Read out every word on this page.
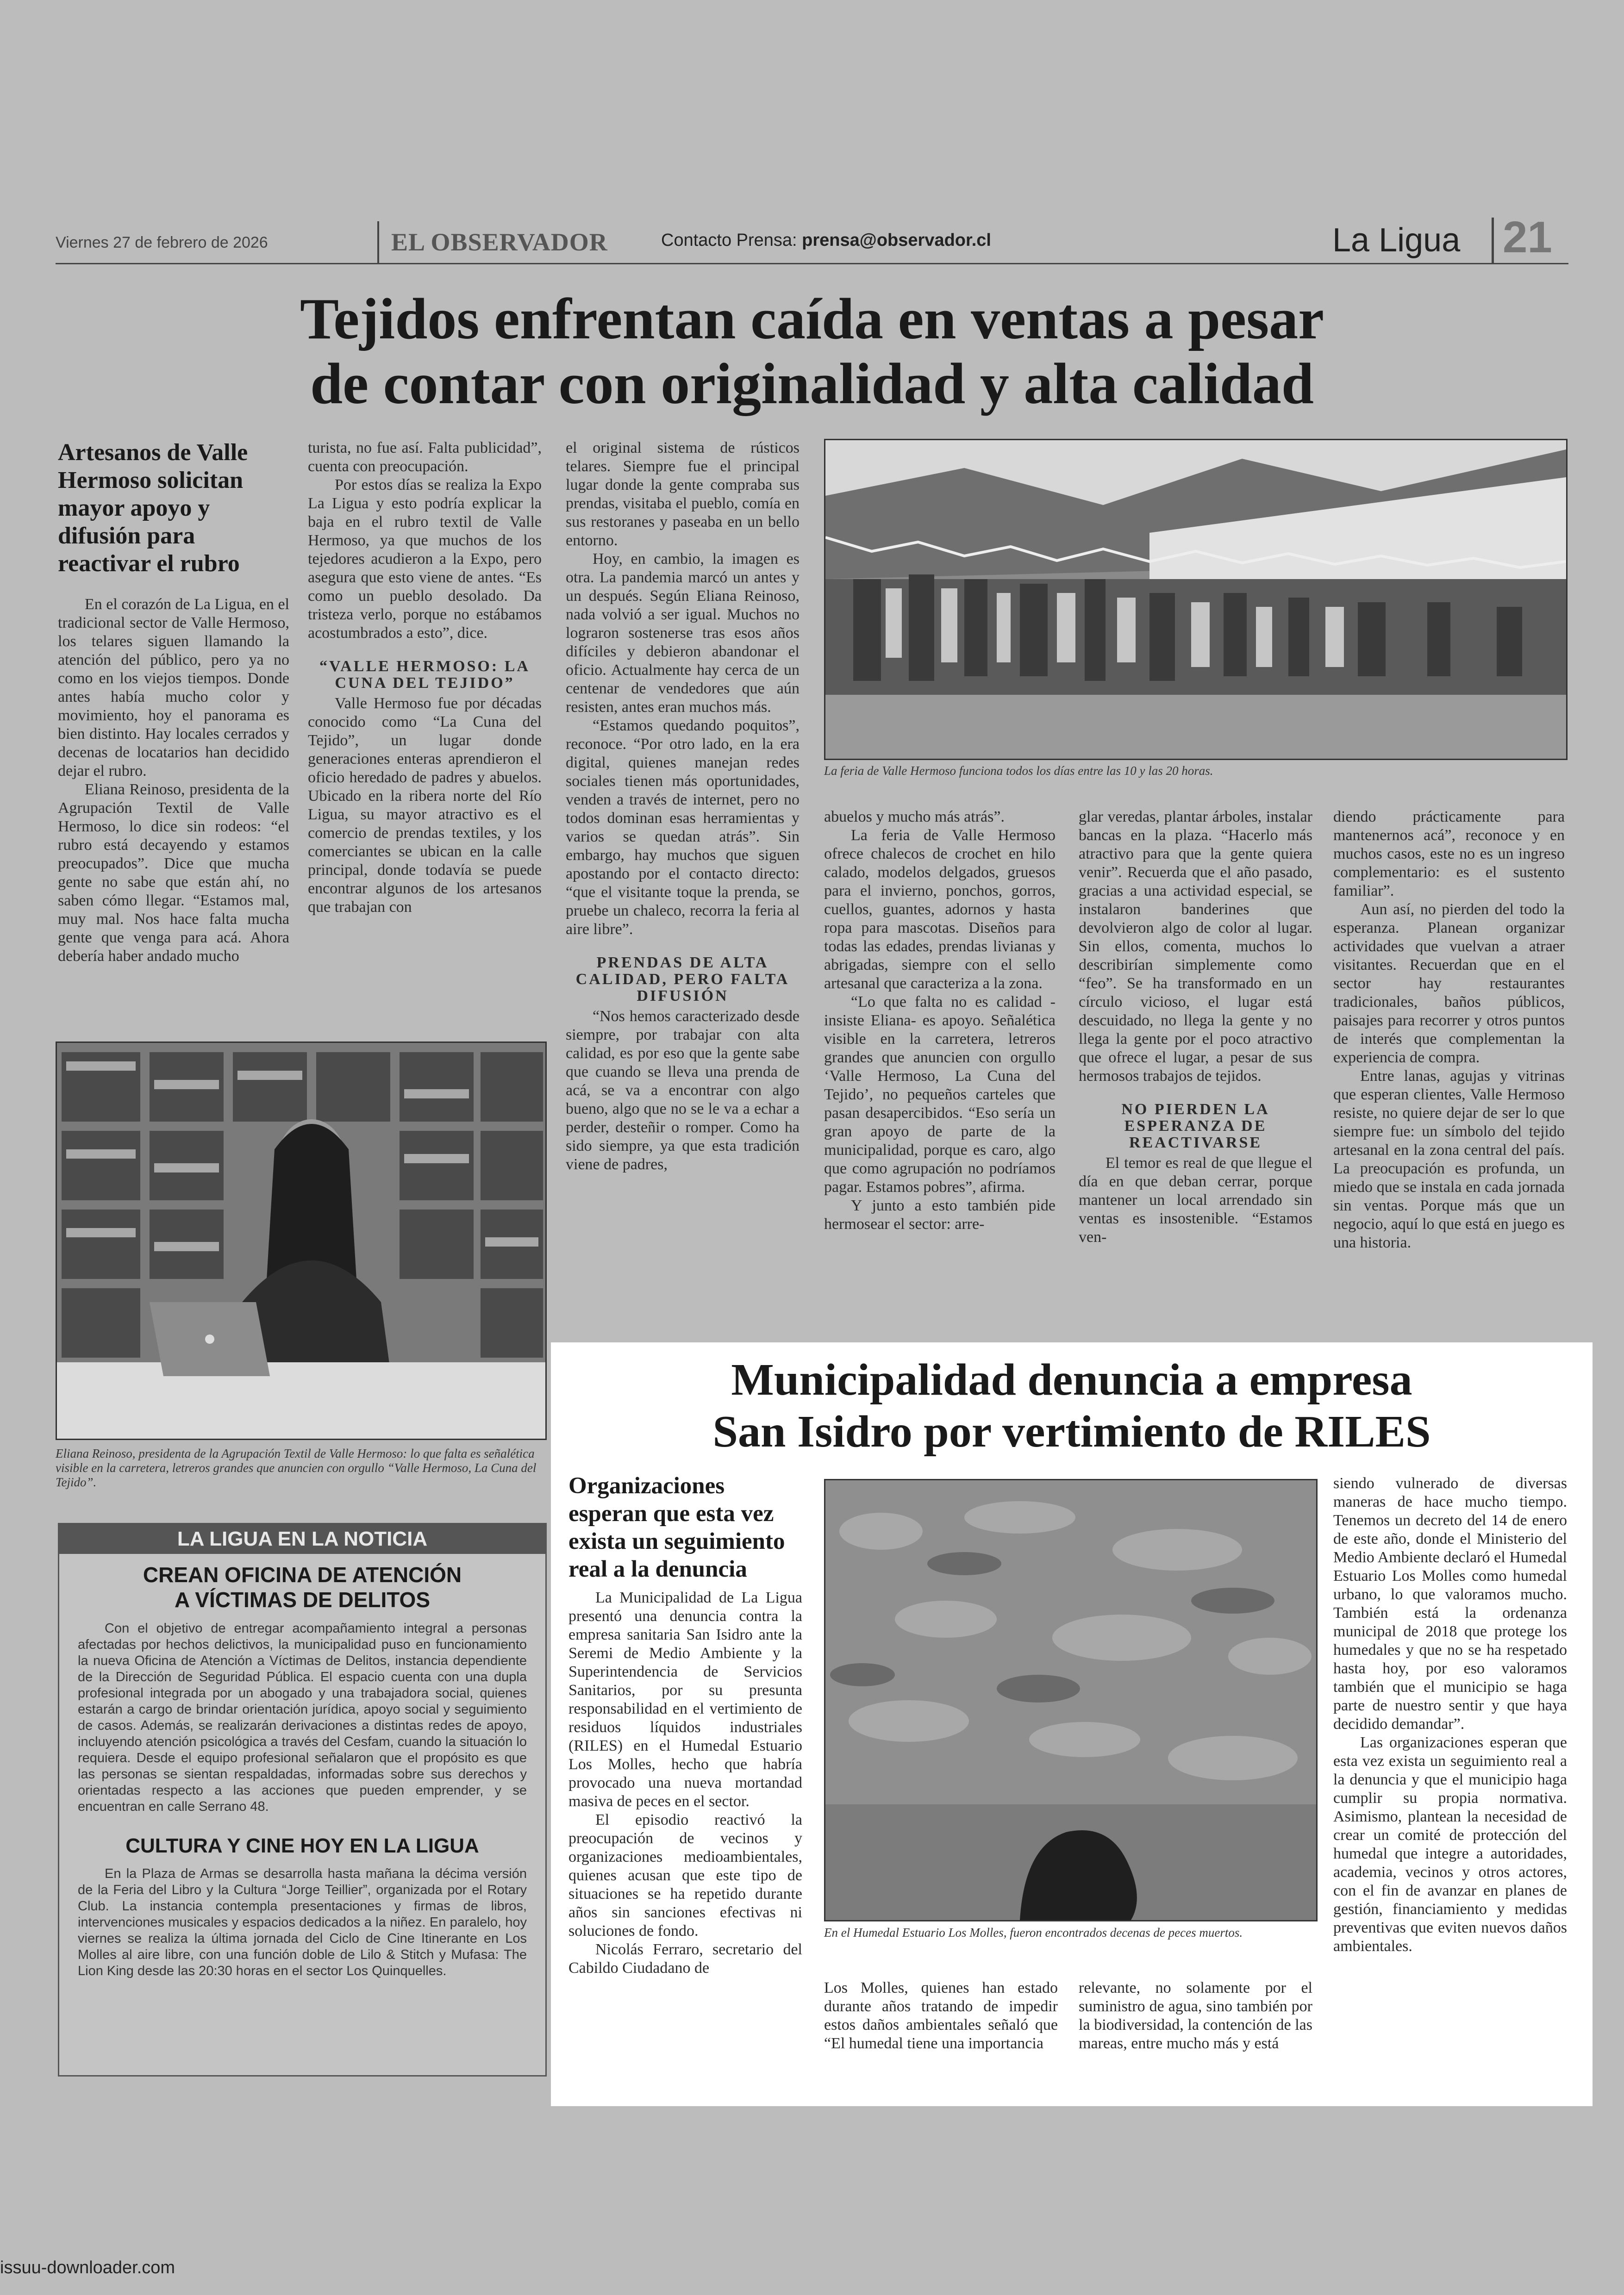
Viernes 27 de febrero de 2026	EL OBSERVADOR	Contacto Prensa: prensa@observador.cl	La Ligua 21
Tejidos enfrentan caída en ventas a pesar
de contar con originalidad y alta calidad
Artesanos de Valle Hermoso solicitan mayor apoyo y difusión para reactivar el rubro

En el corazón de La Ligua, en el tradicional sector de Valle Hermoso, los telares siguen llamando la atención del público, pero ya no como en los viejos tiempos. Donde antes había mucho color y movimiento, hoy el panorama es bien distinto. Hay locales cerrados y decenas de locatarios han decidido dejar el rubro.

Eliana Reinoso, presidenta de la Agrupación Textil de Valle Hermoso, lo dice sin rodeos: “el rubro está decayendo y estamos preocupados”. Dice que mucha gente no sabe que están ahí, no saben cómo llegar. “Estamos mal, muy mal. Nos hace falta mucha gente que venga para acá. Ahora debería haber andado mucho

turista, no fue así. Falta publicidad”, cuenta con preocupación.

Por estos días se realiza la Expo La Ligua y esto podría explicar la baja en el rubro textil de Valle Hermoso, ya que muchos de los tejedores acudieron a la Expo, pero asegura que esto viene de antes. “Es como un pueblo desolado. Da tristeza verlo, porque no estábamos acostumbrados a esto”, dice.

“VALLE HERMOSO: LA CUNA DEL TEJIDO”

Valle Hermoso fue por décadas conocido como “La Cuna del Tejido”, un lugar donde generaciones enteras aprendieron el oficio heredado de padres y abuelos. Ubicado en la ribera norte del Río Ligua, su mayor atractivo es el comercio de prendas textiles, y los comerciantes se ubican en la calle principal, donde todavía se puede encontrar algunos de los artesanos que trabajan con

el original sistema de rústicos telares. Siempre fue el principal lugar donde la gente compraba sus prendas, visitaba el pueblo, comía en sus restoranes y paseaba en un bello entorno.

Hoy, en cambio, la imagen es otra. La pandemia marcó un antes y un después. Según Eliana Reinoso, nada volvió a ser igual. Muchos no lograron sostenerse tras esos años difíciles y debieron abandonar el oficio. Actualmente hay cerca de un centenar de vendedores que aún resisten, antes eran muchos más.

“Estamos quedando poquitos”, reconoce. “Por otro lado, en la era digital, quienes manejan redes sociales tienen más oportunidades, venden a través de internet, pero no todos dominan esas herramientas y varios se quedan atrás”. Sin embargo, hay muchos que siguen apostando por el contacto directo: “que el visitante toque la prenda, se pruebe un chaleco, recorra la feria al aire libre”.

PRENDAS DE ALTA CALIDAD, PERO FALTA DIFUSIÓN

“Nos hemos caracterizado desde siempre, por trabajar con alta calidad, es por eso que la gente sabe que cuando se lleva una prenda de acá, se va a encontrar con algo bueno, algo que no se le va a echar a perder, desteñir o romper. Como ha sido siempre, ya que esta tradición viene de padres,

La feria de Valle Hermoso funciona todos los días entre las 10 y las 20 horas.

abuelos y mucho más atrás”.

La feria de Valle Hermoso ofrece chalecos de crochet en hilo calado, modelos delgados, gruesos para el invierno, ponchos, gorros, cuellos, guantes, adornos y hasta ropa para mascotas. Diseños para todas las edades, prendas livianas y abrigadas, siempre con el sello artesanal que caracteriza a la zona.

“Lo que falta no es calidad -insiste Eliana- es apoyo. Señalética visible en la carretera, letreros grandes que anuncien con orgullo ‘Valle Hermoso, La Cuna del Tejido’, no pequeños carteles que pasan desapercibidos. “Eso sería un gran apoyo de parte de la municipalidad, porque es caro, algo que como agrupación no podríamos pagar. Estamos pobres”, afirma.

Y junto a esto también pide hermosear el sector: arre-

glar veredas, plantar árboles, instalar bancas en la plaza. “Hacerlo más atractivo para que la gente quiera venir”. Recuerda que el año pasado, gracias a una actividad especial, se instalaron banderines que devolvieron algo de color al lugar. Sin ellos, comenta, muchos lo describirían simplemente como “feo”. Se ha transformado en un círculo vicioso, el lugar está descuidado, no llega la gente y no llega la gente por el poco atractivo que ofrece el lugar, a pesar de sus hermosos trabajos de tejidos.

NO PIERDEN LA ESPERANZA DE REACTIVARSE

El temor es real de que llegue el día en que deban cerrar, porque mantener un local arrendado sin ventas es insostenible. “Estamos ven-

diendo prácticamente para mantenernos acá”, reconoce y en muchos casos, este no es un ingreso complementario: es el sustento familiar”.

Aun así, no pierden del todo la esperanza. Planean organizar actividades que vuelvan a atraer visitantes. Recuerdan que en el sector hay restaurantes tradicionales, baños públicos, paisajes para recorrer y otros puntos de interés que complementan la experiencia de compra.

Entre lanas, agujas y vitrinas que esperan clientes, Valle Hermoso resiste, no quiere dejar de ser lo que siempre fue: un símbolo del tejido artesanal en la zona central del país. La preocupación es profunda, un miedo que se instala en cada jornada sin ventas. Porque más que un negocio, aquí lo que está en juego es una historia.

Eliana Reinoso, presidenta de la Agrupación Textil de Valle Hermoso: lo que falta es señalética visible en la carretera, letreros grandes que anuncien con orgullo “Valle Hermoso, La Cuna del Tejido”.
LA LIGUA EN LA NOTICIA
CREAN OFICINA DE ATENCIÓN
A VÍCTIMAS DE DELITOS
Con el objetivo de entregar acompañamiento integral a personas afectadas por hechos delictivos, la municipalidad puso en funcionamiento la nueva Oficina de Atención a Víctimas de Delitos, instancia dependiente de la Dirección de Seguridad Pública. El espacio cuenta con una dupla profesional integrada por un abogado y una trabajadora social, quienes estarán a cargo de brindar orientación jurídica, apoyo social y seguimiento de casos. Además, se realizarán derivaciones a distintas redes de apoyo, incluyendo atención psicológica a través del Cesfam, cuando la situación lo requiera. Desde el equipo profesional señalaron que el propósito es que las personas se sientan respaldadas, informadas sobre sus derechos y orientadas respecto a las acciones que pueden emprender, y se encuentran en calle Serrano 48.
CULTURA Y CINE HOY EN LA LIGUA
En la Plaza de Armas se desarrolla hasta mañana la décima versión de la Feria del Libro y la Cultura “Jorge Teillier”, organizada por el Rotary Club. La instancia contempla presentaciones y firmas de libros, intervenciones musicales y espacios dedicados a la niñez. En paralelo, hoy viernes se realiza la última jornada del Ciclo de Cine Itinerante en Los Molles al aire libre, con una función doble de Lilo & Stitch y Mufasa: The Lion King desde las 20:30 horas en el sector Los Quinquelles.
Municipalidad denuncia a empresa
San Isidro por vertimiento de RILES
Organizaciones esperan que esta vez exista un seguimiento real a la denuncia

La Municipalidad de La Ligua presentó una denuncia contra la empresa sanitaria San Isidro ante la Seremi de Medio Ambiente y la Superintendencia de Servicios Sanitarios, por su presunta responsabilidad en el vertimiento de residuos líquidos industriales (RILES) en el Humedal Estuario Los Molles, hecho que habría provocado una nueva mortandad masiva de peces en el sector.

El episodio reactivó la preocupación de vecinos y organizaciones medioambientales, quienes acusan que este tipo de situaciones se ha repetido durante años sin sanciones efectivas ni soluciones de fondo.

Nicolás Ferraro, secretario del Cabildo Ciudadano de

En el Humedal Estuario Los Molles, fueron encontrados decenas de peces muertos.

Los Molles, quienes han estado durante años tratando de impedir estos daños ambientales señaló que “El humedal tiene una importancia

relevante, no solamente por el suministro de agua, sino también por la biodiversidad, la contención de las mareas, entre mucho más y está

siendo vulnerado de diversas maneras de hace mucho tiempo. Tenemos un decreto del 14 de enero de este año, donde el Ministerio del Medio Ambiente declaró el Humedal Estuario Los Molles como humedal urbano, lo que valoramos mucho. También está la ordenanza municipal de 2018 que protege los humedales y que no se ha respetado hasta hoy, por eso valoramos también que el municipio se haga parte de nuestro sentir y que haya decidido demandar”.

Las organizaciones esperan que esta vez exista un seguimiento real a la denuncia y que el municipio haga cumplir su propia normativa. Asimismo, plantean la necesidad de crear un comité de protección del humedal que integre a autoridades, academia, vecinos y otros actores, con el fin de avanzar en planes de gestión, financiamiento y medidas preventivas que eviten nuevos daños ambientales.

issuu-downloader.com
